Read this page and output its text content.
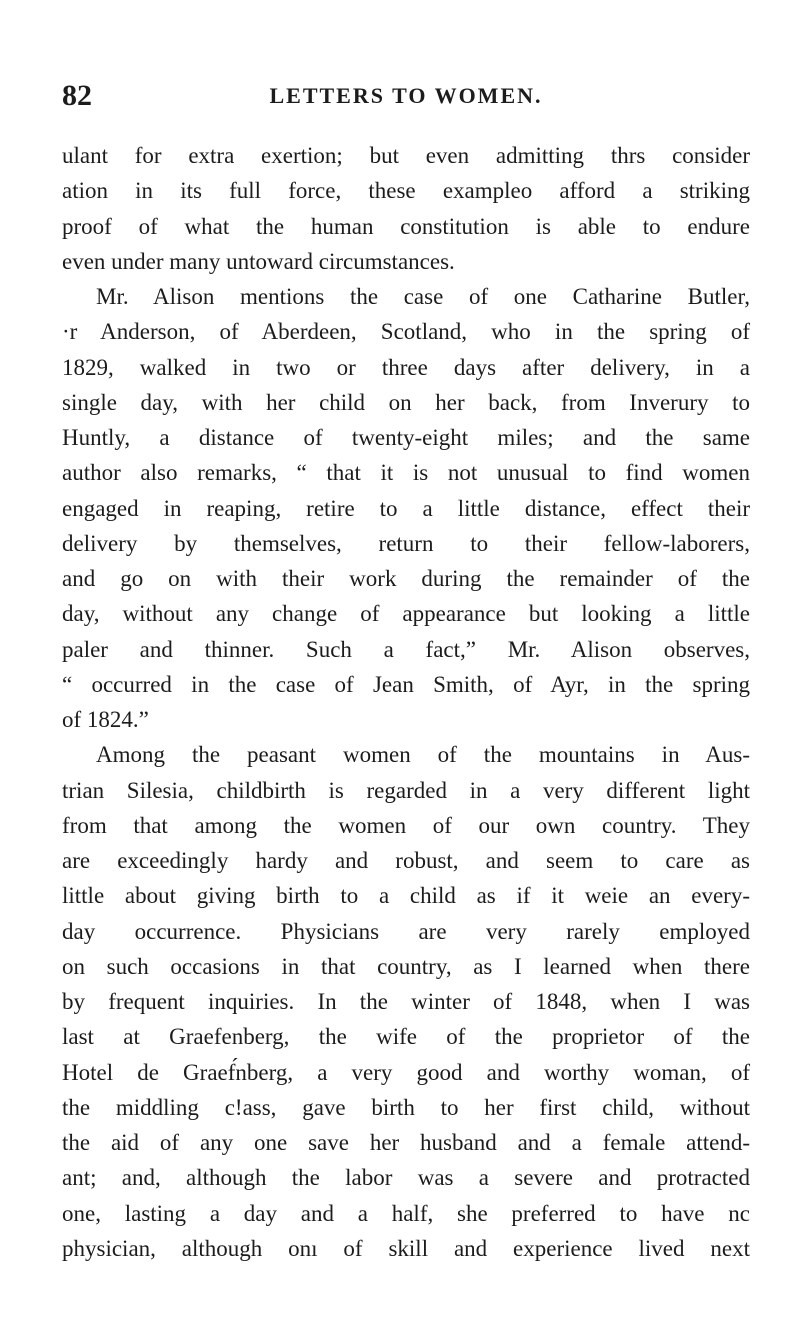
82	LETTERS TO WOMEN.
ulant for extra exertion; but even admitting thrs consider
ation in its full force, these exampleo afford a striking
proof of what the human constitution is able to endure
even under many untoward circumstances.
Mr. Alison mentions the case of one Catharine Butler,
·r Anderson, of Aberdeen, Scotland, who in the spring of
1829, walked in two or three days after delivery, in a
single day, with her child on her back, from Inverury to
Huntly, a distance of twenty-eight miles; and the same
author also remarks, “ that it is not unusual to find women
engaged in reaping, retire to a little distance, effect their
delivery by themselves, return to their fellow-laborers,
and go on with their work during the remainder of the
day, without any change of appearance but looking a little
paler and thinner. Such a fact,” Mr. Alison observes,
“ occurred in the case of Jean Smith, of Ayr, in the spring
of 1824.”
Among the peasant women of the mountains in Aus-
trian Silesia, childbirth is regarded in a very different light
from that among the women of our own country. They
are exceedingly hardy and robust, and seem to care as
little about giving birth to a child as if it weie an every-
day occurrence. Physicians are very rarely employed
on such occasions in that country, as I learned when there
by frequent inquiries. In the winter of 1848, when I was
last at Graefenberg, the wife of the proprietor of the
Hotel de Graef́nberg, a very good and worthy woman, of
the middling c!ass, gave birth to her first child, without
the aid of any one save her husband and a female attend-
ant; and, although the labor was a severe and protracted
one, lasting a day and a half, she preferred to have nc
physician, although onı of skill and experience lived next
